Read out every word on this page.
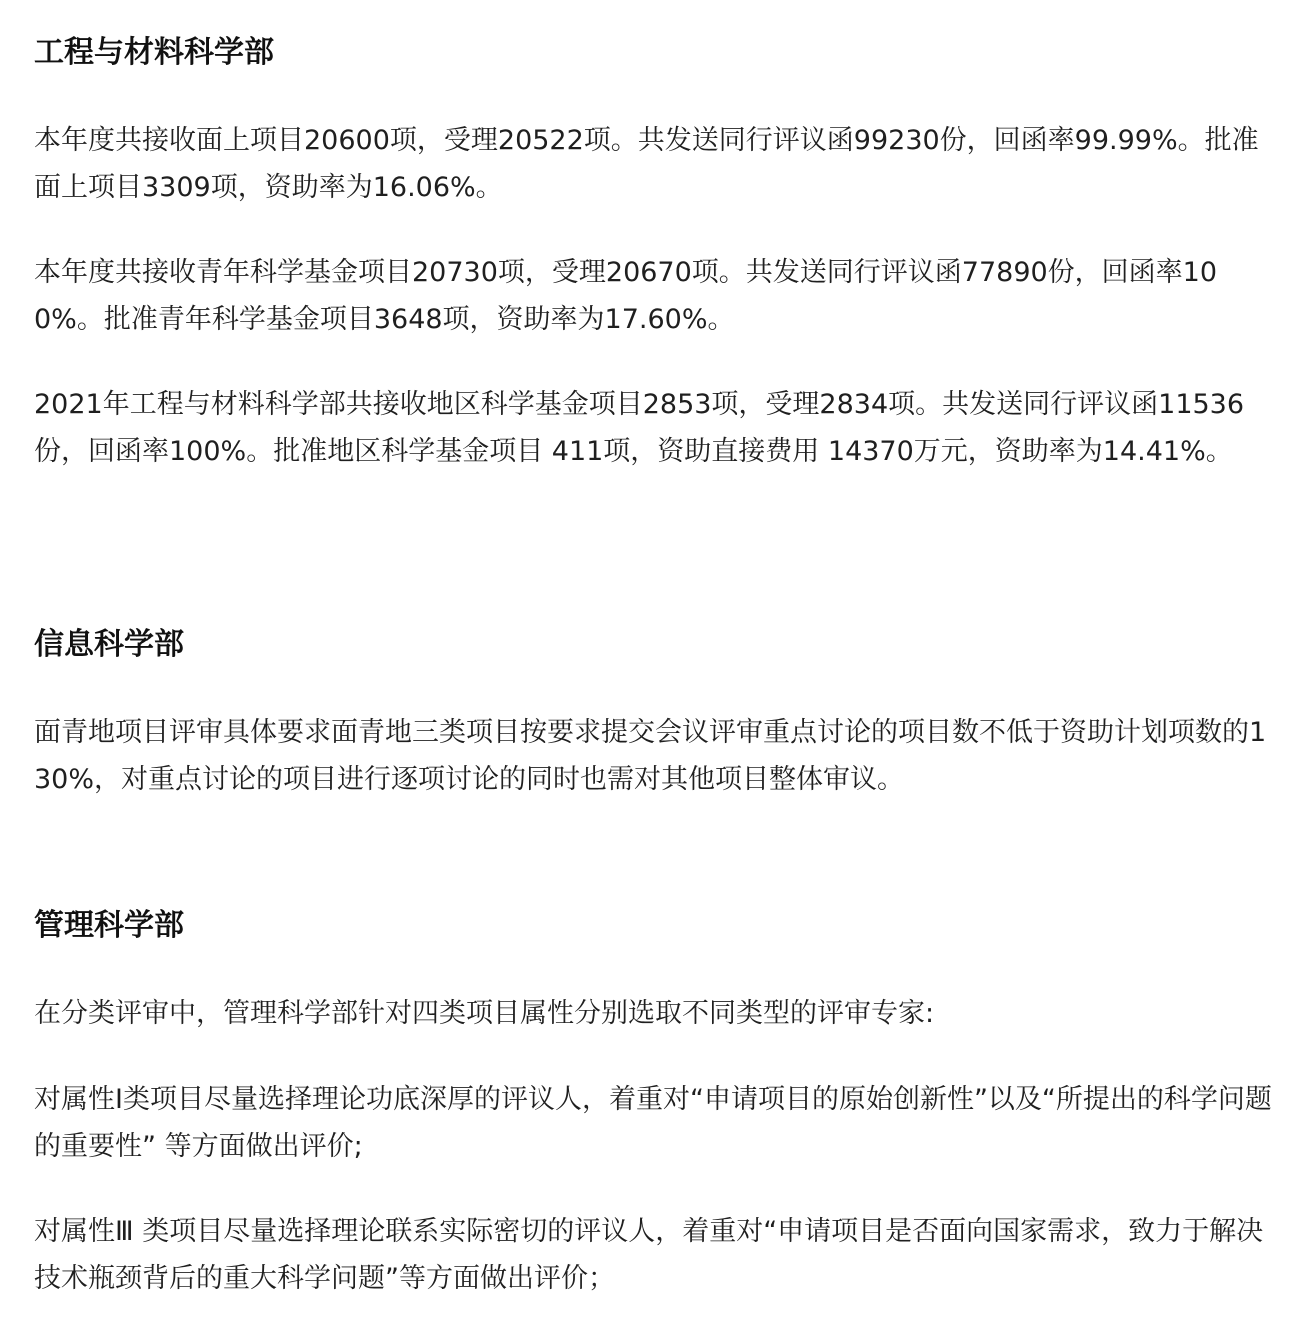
工程与材料科学部

本年度共接收面上项目20600项，受理20522项。共发送同行评议函99230份，回函率99.99%。批准面上项目3309项，资助率为16.06%。

本年度共接收青年科学基金项目20730项，受理20670项。共发送同行评议函77890份，回函率100%。批准青年科学基金项目3648项，资助率为17.60%。

2021年工程与材料科学部共接收地区科学基金项目2853项，受理2834项。共发送同行评议函11536份，回函率100%。批准地区科学基金项目 411项，资助直接费用 14370万元，资助率为14.41%。

信息科学部

面青地项目评审具体要求面青地三类项目按要求提交会议评审重点讨论的项目数不低于资助计划项数的130%，对重点讨论的项目进行逐项讨论的同时也需对其他项目整体审议。

管理科学部

在分类评审中，管理科学部针对四类项目属性分别选取不同类型的评审专家:

对属性Ⅰ类项目尽量选择理论功底深厚的评议人，着重对“申请项目的原始创新性”以及“所提出的科学问题的重要性” 等方面做出评价;

对属性Ⅲ 类项目尽量选择理论联系实际密切的评议人，着重对“申请项目是否面向国家需求，致力于解决技术瓶颈背后的重大科学问题”等方面做出评价；
